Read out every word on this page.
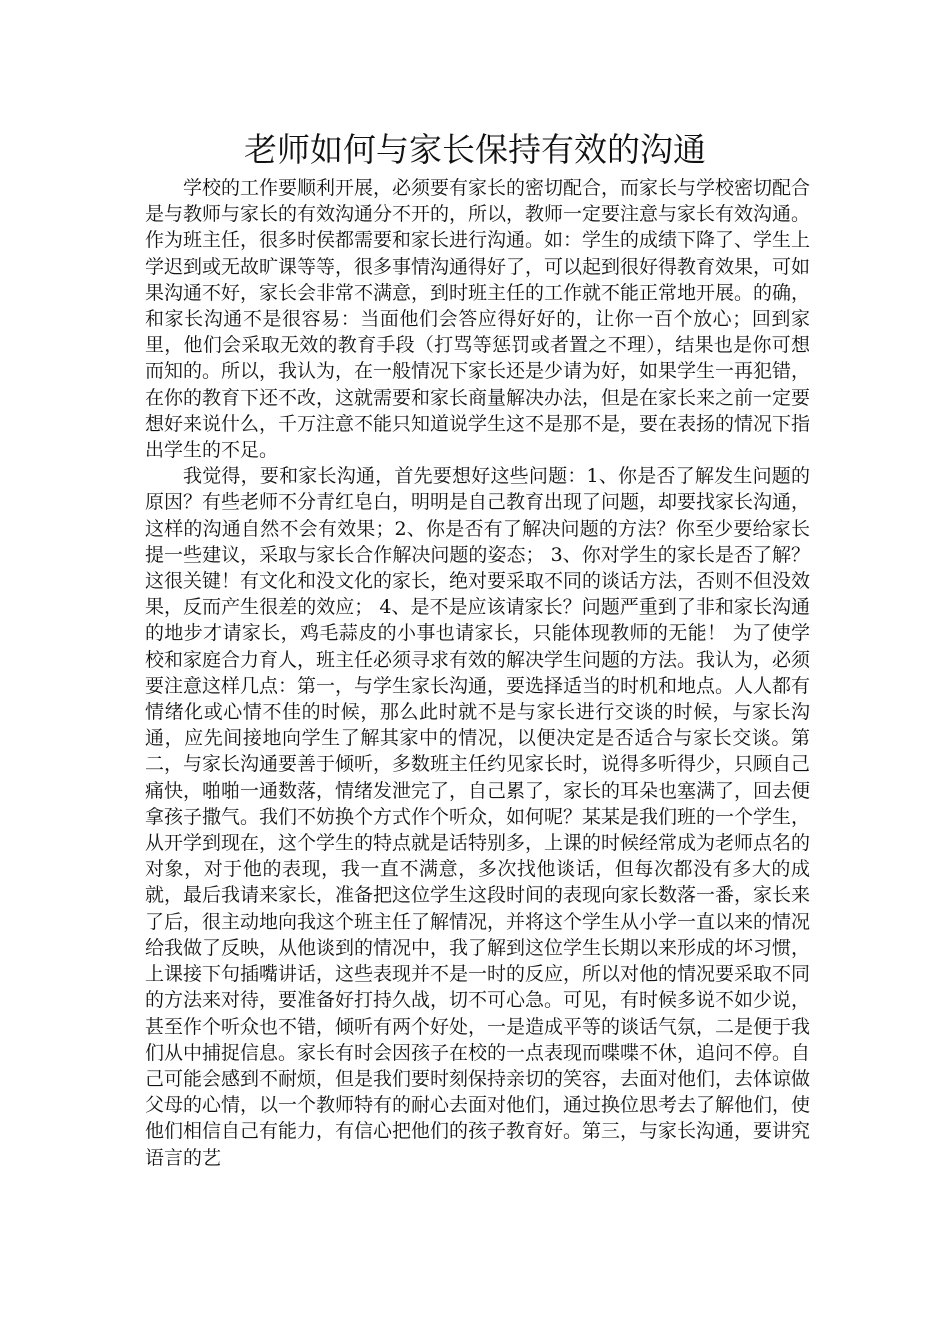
老师如何与家长保持有效的沟通

学校的工作要顺利开展，必须要有家长的密切配合，而家长与学校密切配合是与教师与家长的有效沟通分不开的，所以，教师一定要注意与家长有效沟通。作为班主任，很多时侯都需要和家长进行沟通。如：学生的成绩下降了、学生上学迟到或无故旷课等等，很多事情沟通得好了，可以起到很好得教育效果，可如果沟通不好，家长会非常不满意，到时班主任的工作就不能正常地开展。的确，和家长沟通不是很容易：当面他们会答应得好好的，让你一百个放心；回到家里，他们会采取无效的教育手段（打骂等惩罚或者置之不理），结果也是你可想而知的。所以，我认为，在一般情况下家长还是少请为好，如果学生一再犯错，在你的教育下还不改，这就需要和家长商量解决办法，但是在家长来之前一定要想好来说什么，千万注意不能只知道说学生这不是那不是，要在表扬的情况下指出学生的不足。

我觉得，要和家长沟通，首先要想好这些问题：1、你是否了解发生问题的原因？有些老师不分青红皂白，明明是自己教育出现了问题，却要找家长沟通，这样的沟通自然不会有效果；2、你是否有了解决问题的方法？你至少要给家长提一些建议，采取与家长合作解决问题的姿态； 3、你对学生的家长是否了解？这很关键！有文化和没文化的家长，绝对要采取不同的谈话方法，否则不但没效果，反而产生很差的效应； 4、是不是应该请家长？问题严重到了非和家长沟通的地步才请家长，鸡毛蒜皮的小事也请家长，只能体现教师的无能！ 为了使学校和家庭合力育人，班主任必须寻求有效的解决学生问题的方法。我认为，必须要注意这样几点：第一，与学生家长沟通，要选择适当的时机和地点。人人都有情绪化或心情不佳的时候，那么此时就不是与家长进行交谈的时候，与家长沟通，应先间接地向学生了解其家中的情况，以便决定是否适合与家长交谈。第二，与家长沟通要善于倾听，多数班主任约见家长时，说得多听得少，只顾自己痛快，啪啪一通数落，情绪发泄完了，自己累了，家长的耳朵也塞满了，回去便拿孩子撒气。我们不妨换个方式作个听众，如何呢？某某是我们班的一个学生，从开学到现在，这个学生的特点就是话特别多，上课的时候经常成为老师点名的对象，对于他的表现，我一直不满意，多次找他谈话，但每次都没有多大的成就，最后我请来家长，准备把这位学生这段时间的表现向家长数落一番，家长来了后，很主动地向我这个班主任了解情况，并将这个学生从小学一直以来的情况给我做了反映，从他谈到的情况中，我了解到这位学生长期以来形成的坏习惯，上课接下句插嘴讲话，这些表现并不是一时的反应，所以对他的情况要采取不同的方法来对待，要准备好打持久战，切不可心急。可见，有时候多说不如少说，甚至作个听众也不错，倾听有两个好处，一是造成平等的谈话气氛，二是便于我们从中捕捉信息。家长有时会因孩子在校的一点表现而喋喋不休，追问不停。自己可能会感到不耐烦，但是我们要时刻保持亲切的笑容，去面对他们，去体谅做父母的心情，以一个教师特有的耐心去面对他们，通过换位思考去了解他们，使他们相信自己有能力，有信心把他们的孩子教育好。第三，与家长沟通，要讲究语言的艺
